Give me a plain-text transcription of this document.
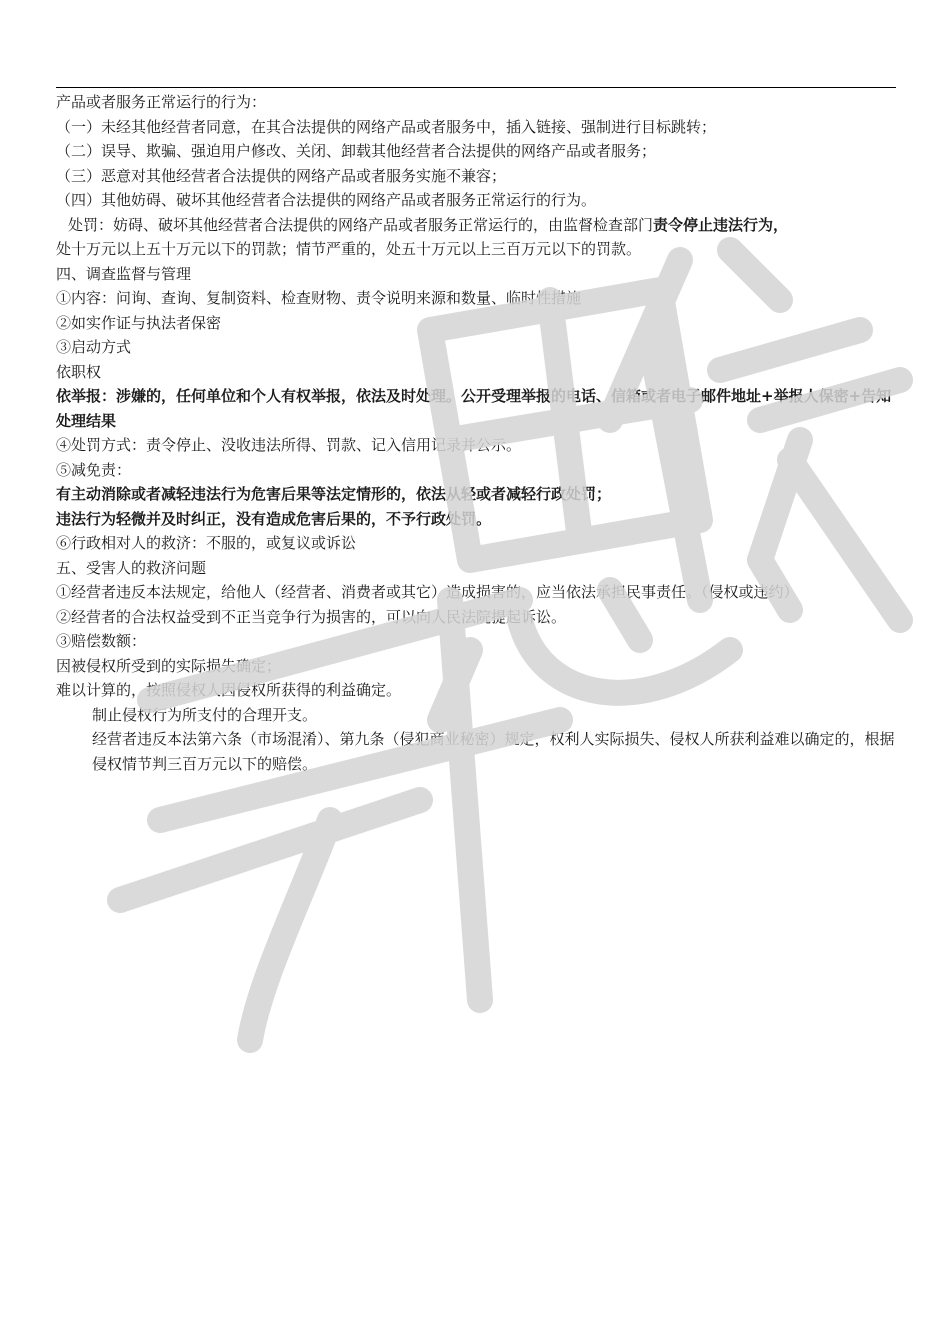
产品或者服务正常运行的行为：
（一）未经其他经营者同意，在其合法提供的网络产品或者服务中，插入链接、强制进行目标跳转；
（二）误导、欺骗、强迫用户修改、关闭、卸载其他经营者合法提供的网络产品或者服务；
（三）恶意对其他经营者合法提供的网络产品或者服务实施不兼容；
（四）其他妨碍、破坏其他经营者合法提供的网络产品或者服务正常运行的行为。
处罚：妨碍、破坏其他经营者合法提供的网络产品或者服务正常运行的，由监督检查部门责令停止违法行为，
处十万元以上五十万元以下的罚款；情节严重的，处五十万元以上三百万元以下的罚款。
四、调查监督与管理
①内容：问询、查询、复制资料、检查财物、责令说明来源和数量、临时性措施
②如实作证与执法者保密
③启动方式
依职权
依举报：涉嫌的，任何单位和个人有权举报，依法及时处理。公开受理举报的电话、信箱或者电子邮件地址+举报人保密+告知处理结果
④处罚方式：责令停止、没收违法所得、罚款、记入信用记录并公示。
⑤减免责：
有主动消除或者减轻违法行为危害后果等法定情形的，依法从轻或者减轻行政处罚；
违法行为轻微并及时纠正，没有造成危害后果的，不予行政处罚。
⑥行政相对人的救济：不服的，或复议或诉讼
五、受害人的救济问题
①经营者违反本法规定，给他人（经营者、消费者或其它）造成损害的，应当依法承担民事责任。（侵权或违约）
②经营者的合法权益受到不正当竞争行为损害的，可以向人民法院提起诉讼。
③赔偿数额：
因被侵权所受到的实际损失确定；
难以计算的，按照侵权人因侵权所获得的利益确定。
制止侵权行为所支付的合理开支。
经营者违反本法第六条（市场混淆）、第九条（侵犯商业秘密）规定，权利人实际损失、侵权人所获利益难以确定的，根据侵权情节判三百万元以下的赔偿。
